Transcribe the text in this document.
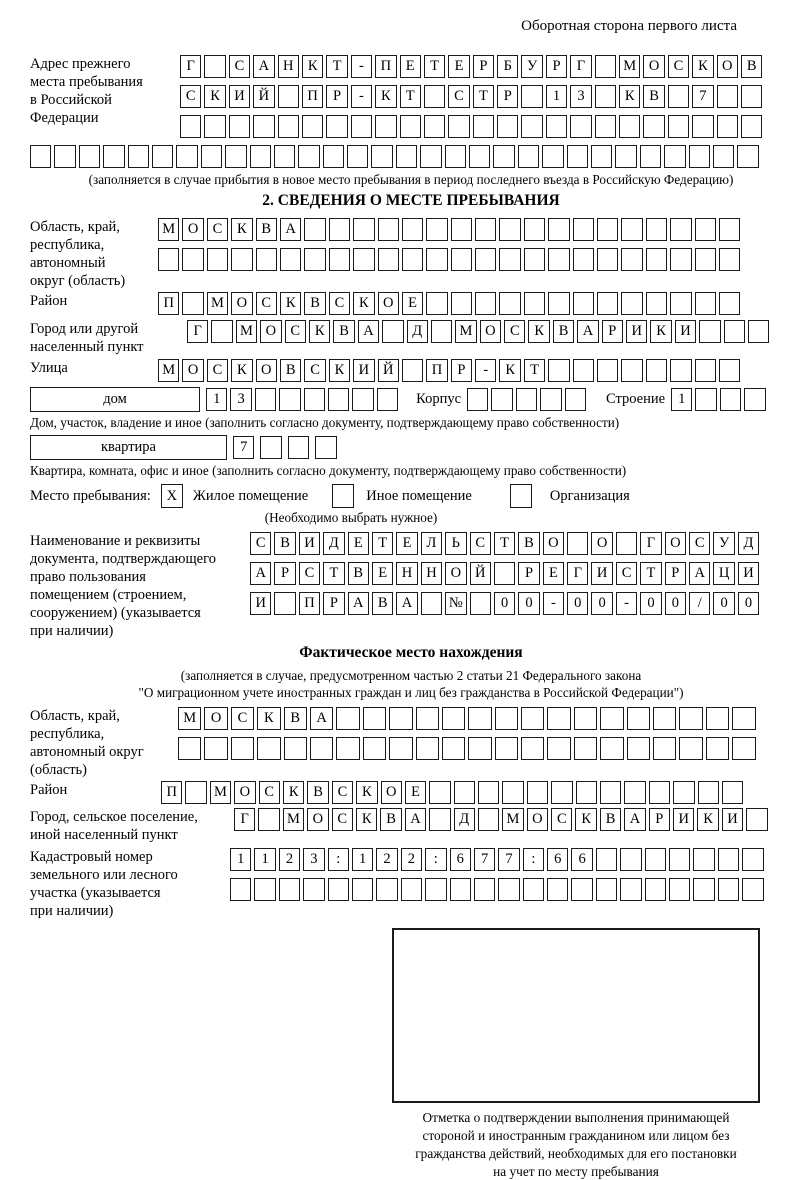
Оборотная сторона первого листа
Адрес прежнего
места пребывания
в Российской
Федерации
Г	С А Н К	Т	-	П	Е	Т	Е	Р	Б	У	Р	Г	М О С	К О В
С	К И Й	П	Р	-	К	Т	С	Т	Р	1	3	К	В	7
(заполняется в случае прибытия в новое место пребывания в период последнего въезда в Российскую Федерацию)
2. СВЕДЕНИЯ О МЕСТЕ ПРЕБЫВАНИЯ
Область, край,
республика,
автономный
округ (область)
М О С	К	В А
Район	П	М О С	К	В	С	К О	Е
Город или другой
населенный пункт
Г	М О С	К	В А	Д	М О С	К	В А	Р	И К И
Улица	М О С	К О В	С	К И Й	П	Р	-	К	Т
дом	1	3	Корпус	Строение 1
Дом, участок, владение и иное (заполнить согласно документу, подтверждающему право собственности)
квартира	7
Квартира, комната, офис и иное (заполнить согласно документу, подтверждающему право собственности)
Место пребывания:	X	Жилое помещение	Иное помещение	Организация
(Необходимо выбрать нужное)
Наименование и реквизиты
документа, подтверждающего
право пользования
помещением (строением,
сооружением) (указывается
при наличии)
С	В И Д	Е	Т	Е	Л	Ь	С	Т	В О	О	Г	О С У Д
А	Р	С	Т	В	Е	Н Н О Й	Р	Е	Г	И С	Т	Р	А Ц И
И	П	Р	А В А	№	0	0	-	0	0	-	0	0	/	0	0
Фактическое место нахождения
(заполняется в случае, предусмотренном частью 2 статьи 21 Федерального закона
"О миграционном учете иностранных граждан и лиц без гражданства в Российской Федерации")
Область, край,
республика,
автономный округ
(область)
М	О	С	К	В	А
Район	П	М О С	К	В	С	К О	Е
Город, сельское поселение,
иной населенный пункт
Г	М О С	К	В А	Д	М О С	К	В А	Р	И К И
Кадастровый номер
земельного или лесного
участка (указывается
при наличии)
1	1	2	3	:	1	2	2	:	6	7	7	:	6	6
Отметка о подтверждении выполнения принимающей
стороной и иностранным гражданином или лицом без
гражданства действий, необходимых для его постановки
на учет по месту пребывания
